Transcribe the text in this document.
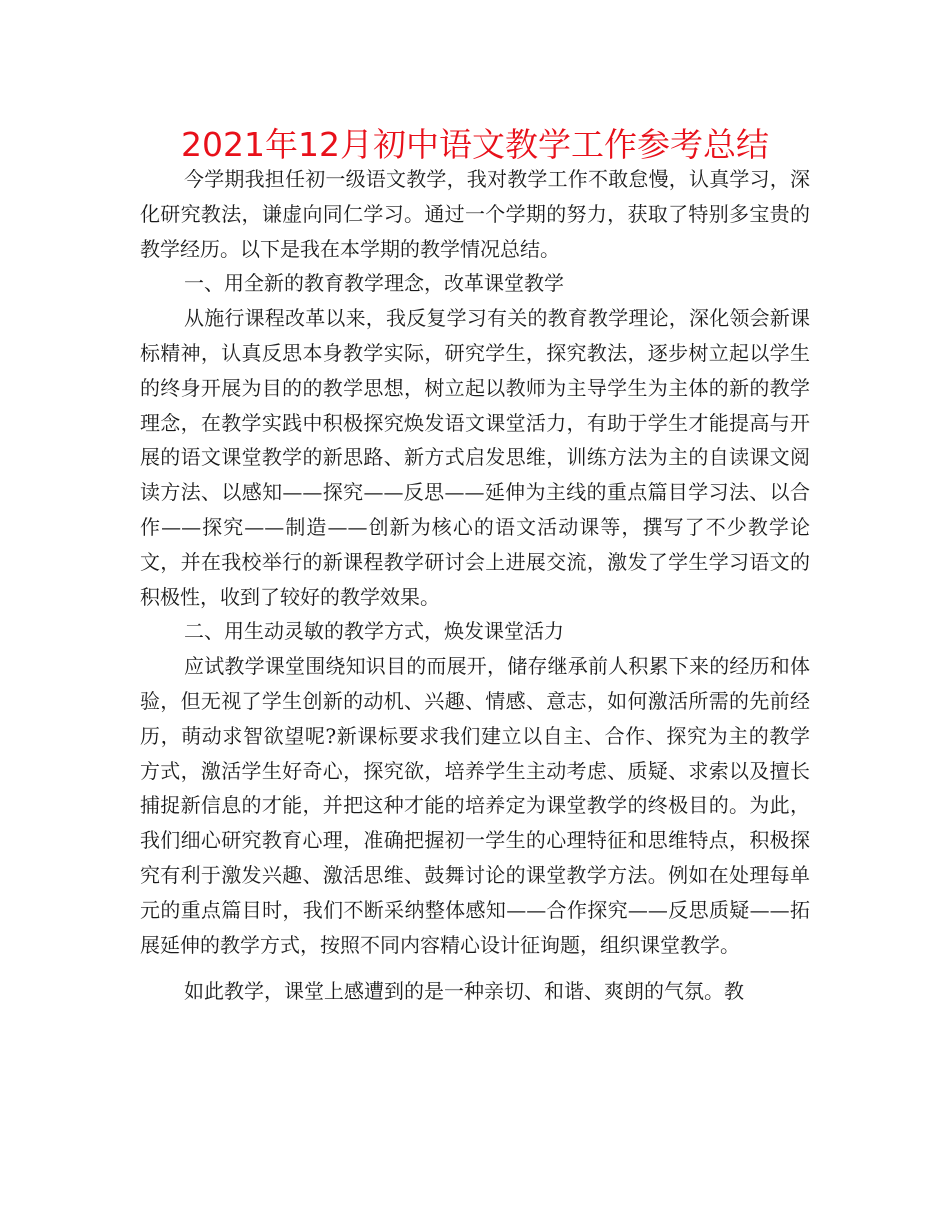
2021年12月初中语文教学工作参考总结

今学期我担任初一级语文教学，我对教学工作不敢怠慢，认真学习，深化研究教法，谦虚向同仁学习。通过一个学期的努力，获取了特别多宝贵的教学经历。以下是我在本学期的教学情况总结。

一、用全新的教育教学理念，改革课堂教学

从施行课程改革以来，我反复学习有关的教育教学理论，深化领会新课标精神，认真反思本身教学实际，研究学生，探究教法，逐步树立起以学生的终身开展为目的的教学思想，树立起以教师为主导学生为主体的新的教学理念，在教学实践中积极探究焕发语文课堂活力，有助于学生才能提高与开展的语文课堂教学的新思路、新方式启发思维，训练方法为主的自读课文阅读方法、以感知——探究——反思——延伸为主线的重点篇目学习法、以合作——探究——制造——创新为核心的语文活动课等，撰写了不少教学论文，并在我校举行的新课程教学研讨会上进展交流，激发了学生学习语文的积极性，收到了较好的教学效果。

二、用生动灵敏的教学方式，焕发课堂活力

应试教学课堂围绕知识目的而展开，储存继承前人积累下来的经历和体验，但无视了学生创新的动机、兴趣、情感、意志，如何激活所需的先前经历，萌动求智欲望呢?新课标要求我们建立以自主、合作、探究为主的教学方式，激活学生好奇心，探究欲，培养学生主动考虑、质疑、求索以及擅长捕捉新信息的才能，并把这种才能的培养定为课堂教学的终极目的。为此，我们细心研究教育心理，准确把握初一学生的心理特征和思维特点，积极探究有利于激发兴趣、激活思维、鼓舞讨论的课堂教学方法。例如在处理每单元的重点篇目时，我们不断采纳整体感知——合作探究——反思质疑——拓展延伸的教学方式，按照不同内容精心设计征询题，组织课堂教学。

如此教学，课堂上感遭到的是一种亲切、和谐、爽朗的气氛。教
